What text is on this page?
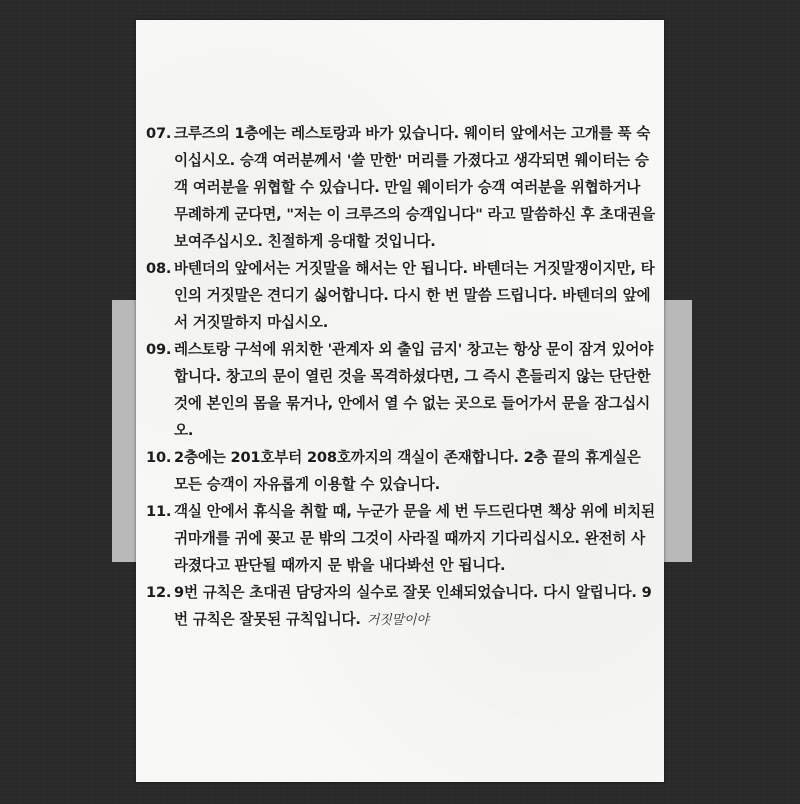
07. 크루즈의 1층에는 레스토랑과 바가 있습니다. 웨이터 앞에서는 고개를 푹 숙이십시오. 승객 여러분께서 '쓸 만한' 머리를 가졌다고 생각되면 웨이터는 승객 여러분을 위협할 수 있습니다. 만일 웨이터가 승객 여러분을 위협하거나 무례하게 군다면, "저는 이 크루즈의 승객입니다" 라고 말씀하신 후 초대권을 보여주십시오. 친절하게 응대할 것입니다.
08. 바텐더의 앞에서는 거짓말을 해서는 안 됩니다. 바텐더는 거짓말쟁이지만, 타인의 거짓말은 견디기 싫어합니다. 다시 한 번 말씀 드립니다. 바텐더의 앞에서 거짓말하지 마십시오.
09. 레스토랑 구석에 위치한 '관계자 외 출입 금지' 창고는 항상 문이 잠겨 있어야 합니다. 창고의 문이 열린 것을 목격하셨다면, 그 즉시 흔들리지 않는 단단한 것에 본인의 몸을 묶거나, 안에서 열 수 없는 곳으로 들어가서 문을 잠그십시오.
10. 2층에는 201호부터 208호까지의 객실이 존재합니다. 2층 끝의 휴게실은 모든 승객이 자유롭게 이용할 수 있습니다.
11. 객실 안에서 휴식을 취할 때, 누군가 문을 세 번 두드린다면 책상 위에 비치된 귀마개를 귀에 꽂고 문 밖의 그것이 사라질 때까지 기다리십시오. 완전히 사라졌다고 판단될 때까지 문 밖을 내다봐선 안 됩니다.
12. 9번 규칙은 초대권 담당자의 실수로 잘못 인쇄되었습니다. 다시 알립니다. 9번 규칙은 잘못된 규칙입니다. 거짓말이야
